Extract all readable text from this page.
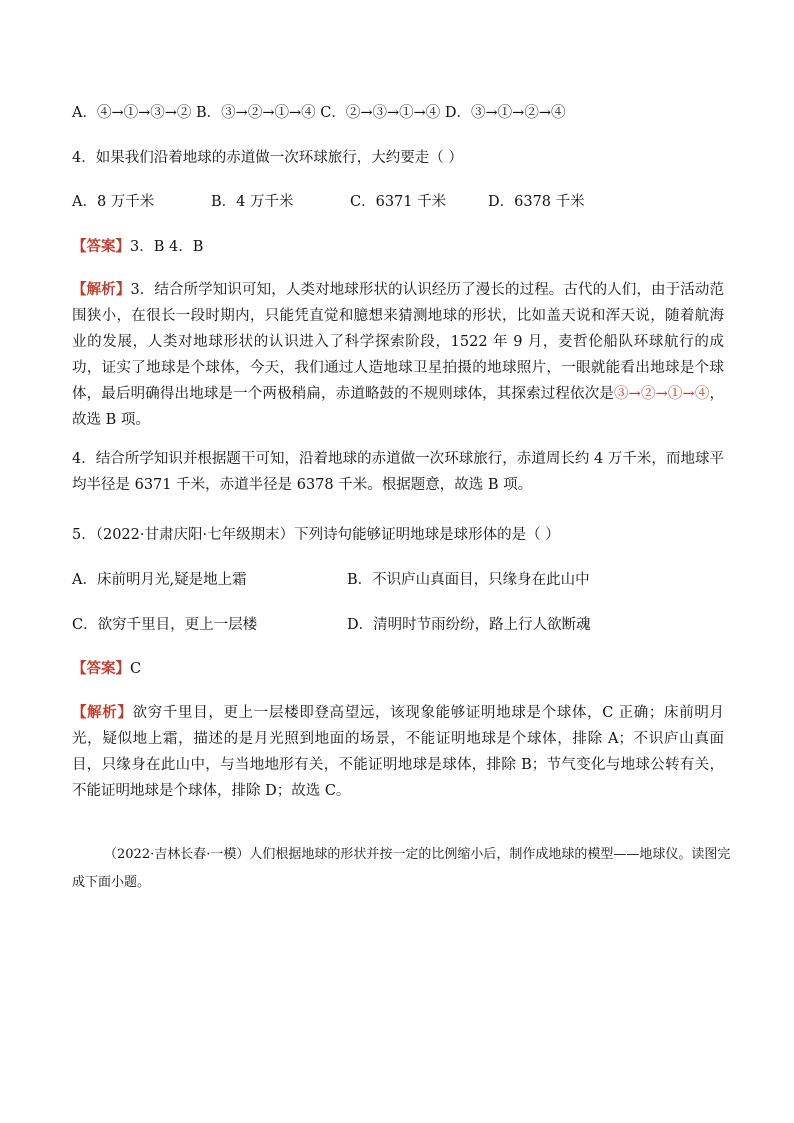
A．④→①→③→② B．③→②→①→④ C．②→③→①→④ D．③→①→②→④
4．如果我们沿着地球的赤道做一次环球旅行，大约要走（ ）
A．8 万千米	B．4 万千米	C．6371 千米	D．6378 千米
【答案】3．B 4．B

【解析】3．结合所学知识可知，人类对地球形状的认识经历了漫长的过程。古代的人们，由于活动范围狭小，在很长一段时期内，只能凭直觉和臆想来猜测地球的形状，比如盖天说和浑天说，随着航海业的发展，人类对地球形状的认识进入了科学探索阶段，1522 年 9 月，麦哲伦船队环球航行的成功，证实了地球是个球体，今天，我们通过人造地球卫星拍摄的地球照片，一眼就能看出地球是个球体，最后明确得出地球是一个两极稍扁，赤道略鼓的不规则球体，其探索过程依次是③→②→①→④，故选 B 项。

4．结合所学知识并根据题干可知，沿着地球的赤道做一次环球旅行，赤道周长约 4 万千米，而地球平均半径是 6371 千米，赤道半径是 6378 千米。根据题意，故选 B 项。

5．（2022·甘肃庆阳·七年级期末）下列诗句能够证明地球是球形体的是（ ）
A．床前明月光,疑是地上霜	B．不识庐山真面目，只缘身在此山中
C．欲穷千里目，更上一层楼	D．清明时节雨纷纷，路上行人欲断魂
【答案】C

【解析】欲穷千里目，更上一层楼即登高望远，该现象能够证明地球是个球体，C 正确；床前明月光，疑似地上霜，描述的是月光照到地面的场景，不能证明地球是个球体，排除 A；不识庐山真面目，只缘身在此山中，与当地地形有关，不能证明地球是球体，排除 B；节气变化与地球公转有关，不能证明地球是个球体，排除 D；故选 C。

（2022·吉林长春·一模）人们根据地球的形状并按一定的比例缩小后，制作成地球的模型——地球仪。读图完成下面小题。
